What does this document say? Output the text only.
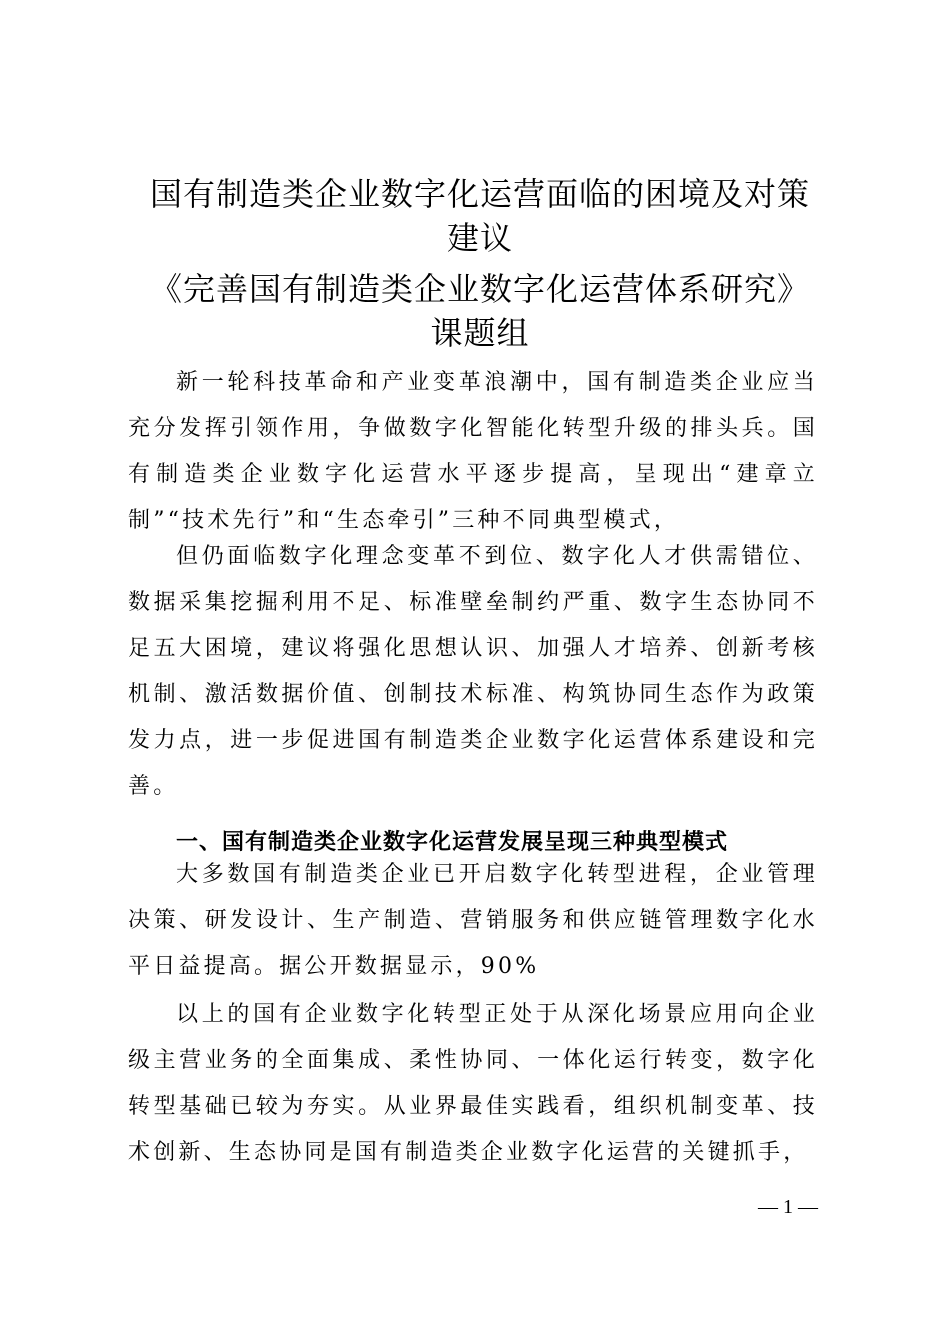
国有制造类企业数字化运营面临的困境及对策
建议
《完善国有制造类企业数字化运营体系研究》
课题组

新一轮科技革命和产业变革浪潮中，国有制造类企业应当充分发挥引领作用，争做数字化智能化转型升级的排头兵。国有制造类企业数字化运营水平逐步提高，呈现出“建章立制”“技术先行”和“生态牵引”三种不同典型模式，

但仍面临数字化理念变革不到位、数字化人才供需错位、数据采集挖掘利用不足、标准壁垒制约严重、数字生态协同不足五大困境，建议将强化思想认识、加强人才培养、创新考核机制、激活数据价值、创制技术标准、构筑协同生态作为政策发力点，进一步促进国有制造类企业数字化运营体系建设和完善。

一、国有制造类企业数字化运营发展呈现三种典型模式

大多数国有制造类企业已开启数字化转型进程，企业管理决策、研发设计、生产制造、营销服务和供应链管理数字化水平日益提高。据公开数据显示，90%

以上的国有企业数字化转型正处于从深化场景应用向企业级主营业务的全面集成、柔性协同、一体化运行转变，数字化转型基础已较为夯实。从业界最佳实践看，组织机制变革、技术创新、生态协同是国有制造类企业数字化运营的关键抓手，

— 1 —
